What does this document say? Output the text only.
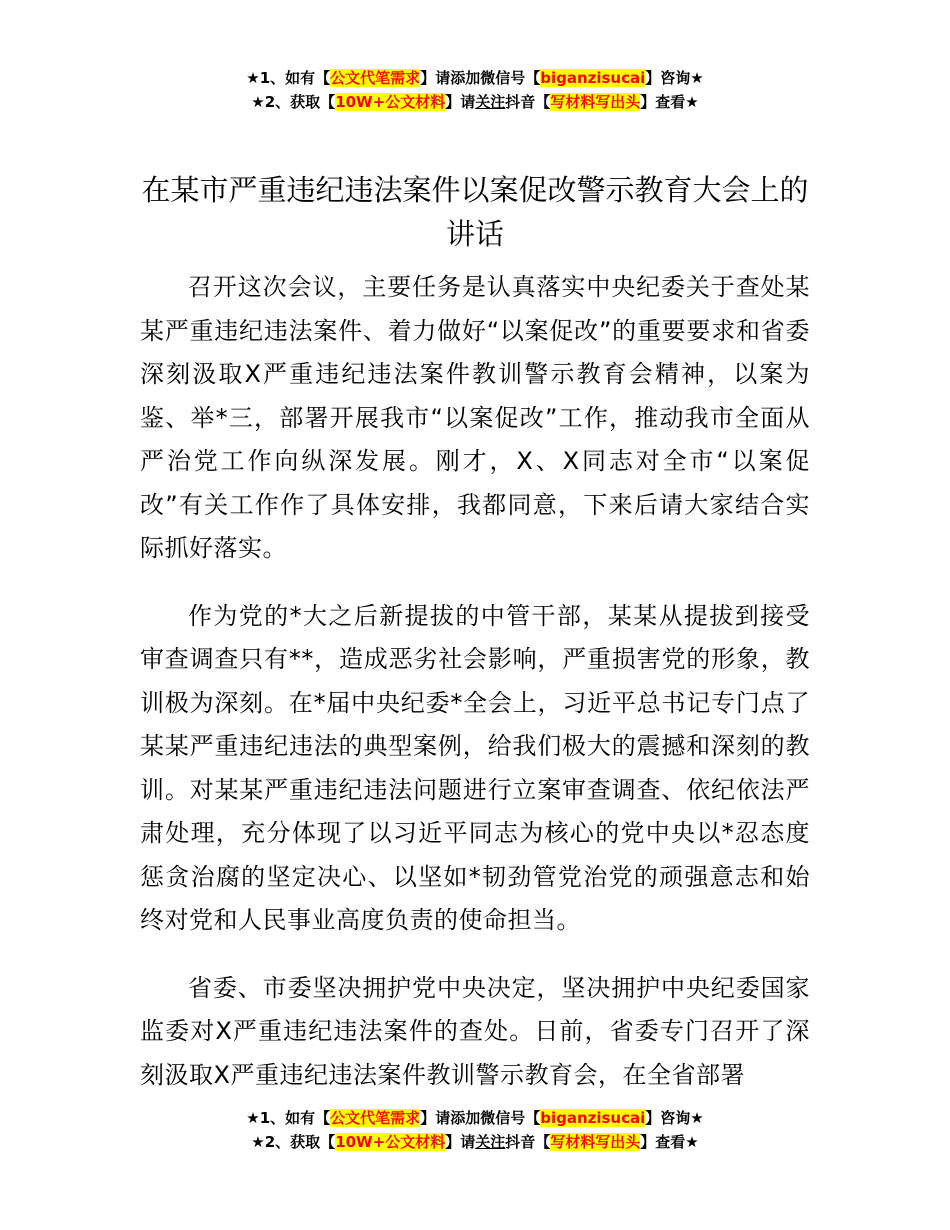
★1、如有【公文代笔需求】请添加微信号【biganzisucai】咨询★
★2、获取【10W+公文材料】请关注抖音【写材料写出头】查看★
在某市严重违纪违法案件以案促改警示教育大会上的讲话

召开这次会议，主要任务是认真落实中央纪委关于查处某某严重违纪违法案件、着力做好“以案促改”的重要要求和省委深刻汲取X严重违纪违法案件教训警示教育会精神，以案为鉴、举*三，部署开展我市“以案促改”工作，推动我市全面从严治党工作向纵深发展。刚才，X、X同志对全市“以案促改”有关工作作了具体安排，我都同意，下来后请大家结合实际抓好落实。

作为党的*大之后新提拔的中管干部，某某从提拔到接受审查调查只有**，造成恶劣社会影响，严重损害党的形象，教训极为深刻。在*届中央纪委*全会上，习近平总书记专门点了某某严重违纪违法的典型案例，给我们极大的震撼和深刻的教训。对某某严重违纪违法问题进行立案审查调查、依纪依法严肃处理，充分体现了以习近平同志为核心的党中央以*忍态度惩贪治腐的坚定决心、以坚如*韧劲管党治党的顽强意志和始终对党和人民事业高度负责的使命担当。

省委、市委坚决拥护党中央决定，坚决拥护中央纪委国家监委对X严重违纪违法案件的查处。日前，省委专门召开了深刻汲取X严重违纪违法案件教训警示教育会，在全省部署

★1、如有【公文代笔需求】请添加微信号【biganzisucai】咨询★
★2、获取【10W+公文材料】请关注抖音【写材料写出头】查看★
